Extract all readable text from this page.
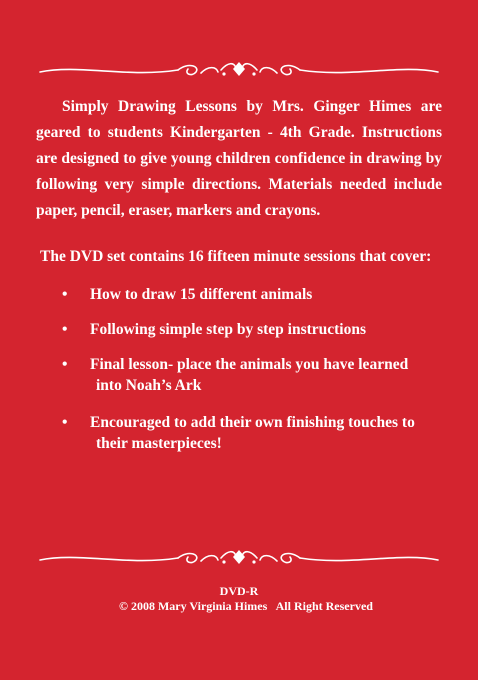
Simply Drawing Lessons by Mrs. Ginger Himes are geared to students Kindergarten - 4th Grade. Instructions are designed to give young children confidence in drawing by following very simple directions. Materials needed include paper, pencil, eraser, markers and crayons.

The DVD set contains 16 fifteen minute sessions that cover:

• How to draw 15 different animals
• Following simple step by step instructions
• Final lesson- place the animals you have learned
into Noah’s Ark
• Encouraged to add their own finishing touches to
their masterpieces!
DVD-R
© 2008 Mary Virginia Himes   All Right Reserved
